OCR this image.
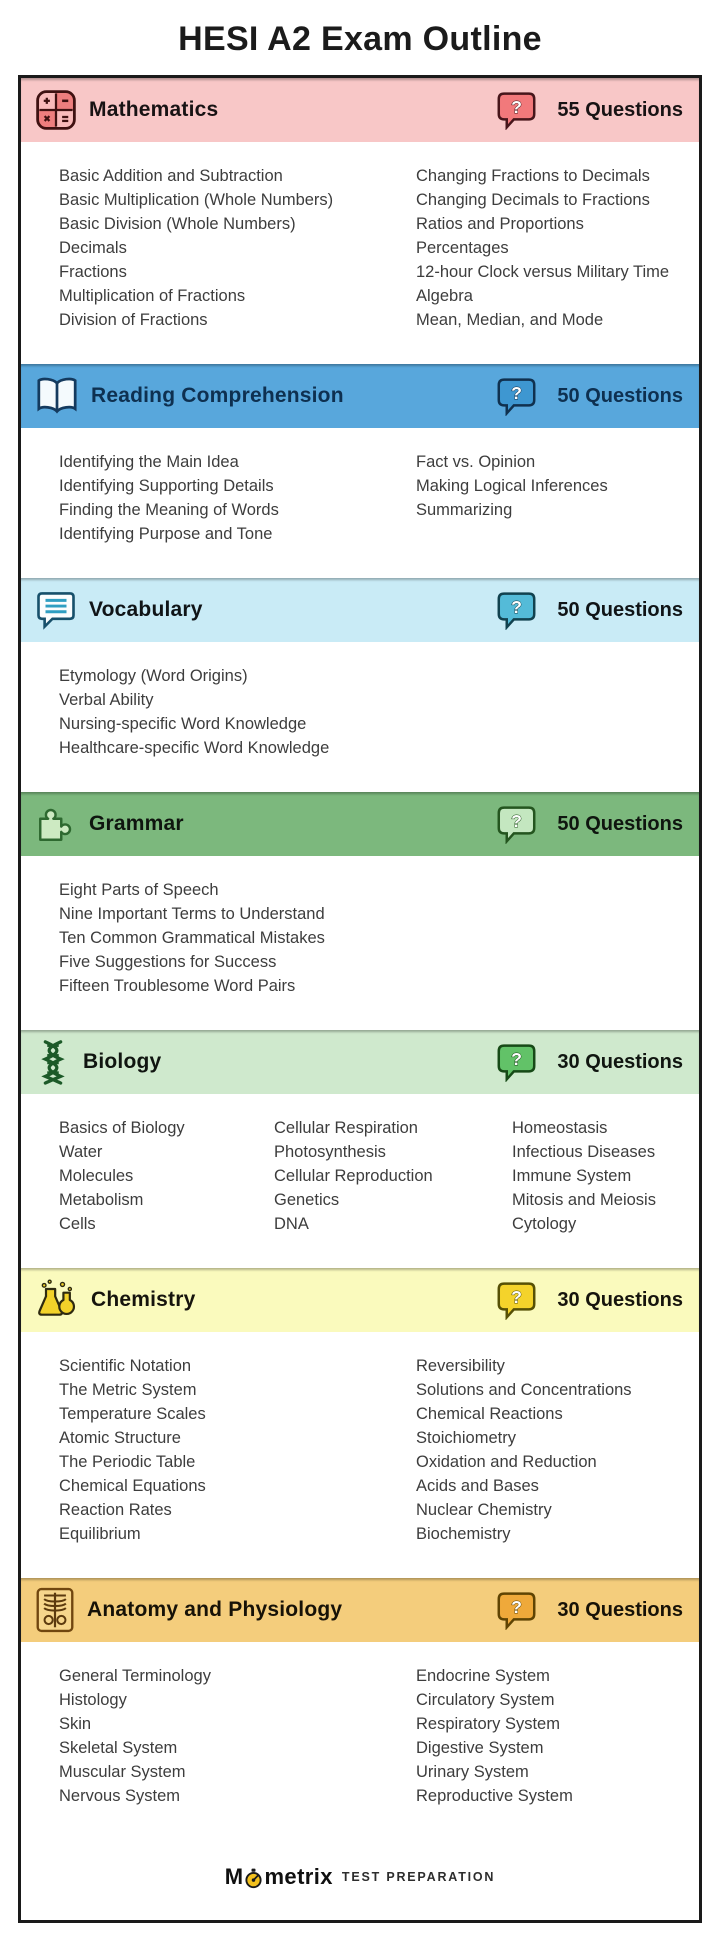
HESI A2 Exam Outline
Mathematics	? 55 Questions
Basic Addition and Subtraction
Basic Multiplication (Whole Numbers)
Basic Division (Whole Numbers)
Decimals
Fractions
Multiplication of Fractions
Division of Fractions
Changing Fractions to Decimals
Changing Decimals to Fractions
Ratios and Proportions
Percentages
12-hour Clock versus Military Time
Algebra
Mean, Median, and Mode
Reading Comprehension	? 50 Questions
Identifying the Main Idea
Identifying Supporting Details
Finding the Meaning of Words
Identifying Purpose and Tone
Fact vs. Opinion
Making Logical Inferences
Summarizing
Vocabulary	? 50 Questions
Etymology (Word Origins)
Verbal Ability
Nursing-specific Word Knowledge
Healthcare-specific Word Knowledge
Grammar	? 50 Questions
Eight Parts of Speech
Nine Important Terms to Understand
Ten Common Grammatical Mistakes
Five Suggestions for Success
Fifteen Troublesome Word Pairs
Biology	? 30 Questions
Basics of Biology
Water
Molecules
Metabolism
Cells
Cellular Respiration
Photosynthesis
Cellular Reproduction
Genetics
DNA
Homeostasis
Infectious Diseases
Immune System
Mitosis and Meiosis
Cytology
Chemistry	? 30 Questions
Scientific Notation
The Metric System
Temperature Scales
Atomic Structure
The Periodic Table
Chemical Equations
Reaction Rates
Equilibrium
Reversibility
Solutions and Concentrations
Chemical Reactions
Stoichiometry
Oxidation and Reduction
Acids and Bases
Nuclear Chemistry
Biochemistry
Anatomy and Physiology	? 30 Questions
General Terminology
Histology
Skin
Skeletal System
Muscular System
Nervous System
Endocrine System
Circulatory System
Respiratory System
Digestive System
Urinary System
Reproductive System
M metrix TEST PREPARATION
